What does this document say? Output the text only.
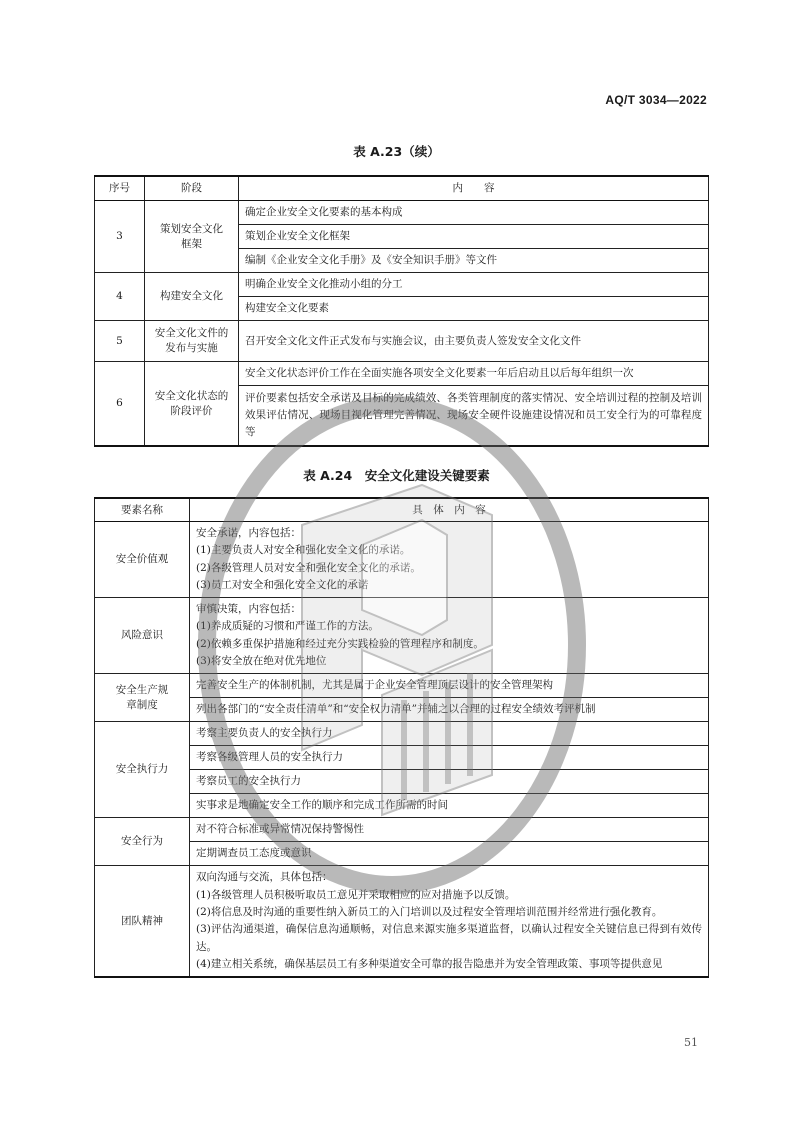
AQ/T 3034—2022
表 A.23（续）
序号	阶段	内　　容
3	策划安全文化框架	确定企业安全文化要素的基本构成
		策划企业安全文化框架
		编制《企业安全文化手册》及《安全知识手册》等文件
4	构建安全文化	明确企业安全文化推动小组的分工
		构建安全文化要素
5	安全文化文件的发布与实施	召开安全文化文件正式发布与实施会议，由主要负责人签发安全文化文件
6	安全文化状态的阶段评价	安全文化状态评价工作在全面实施各项安全文化要素一年后启动且以后每年组织一次
		评价要素包括安全承诺及目标的完成绩效、各类管理制度的落实情况、安全培训过程的控制及培训效果评估情况、现场目视化管理完善情况、现场安全硬件设施建设情况和员工安全行为的可靠程度等
表 A.24　安全文化建设关键要素
要素名称	具　体　内　容
安全价值观	安全承诺，内容包括：
(1)主要负责人对安全和强化安全文化的承诺。
(2)各级管理人员对安全和强化安全文化的承诺。
(3)员工对安全和强化安全文化的承诺

风险意识	审慎决策，内容包括：
(1)养成质疑的习惯和严谨工作的方法。
(2)依赖多重保护措施和经过充分实践检验的管理程序和制度。
(3)将安全放在绝对优先地位

安全生产规章制度	完善安全生产的体制机制，尤其是属于企业安全管理顶层设计的安全管理架构
	列出各部门的“安全责任清单”和“安全权力清单”并辅之以合理的过程安全绩效考评机制
安全执行力	考察主要负责人的安全执行力
	考察各级管理人员的安全执行力
	考察员工的安全执行力
	实事求是地确定安全工作的顺序和完成工作所需的时间
安全行为	对不符合标准或异常情况保持警惕性
	定期调查员工态度或意识
团队精神	双向沟通与交流，具体包括：
(1)各级管理人员积极听取员工意见并采取相应的应对措施予以反馈。
(2)将信息及时沟通的重要性纳入新员工的入门培训以及过程安全管理培训范围并经常进行强化教育。
(3)评估沟通渠道，确保信息沟通顺畅，对信息来源实施多渠道监督，以确认过程安全关键信息已得到有效传达。
(4)建立相关系统，确保基层员工有多种渠道安全可靠的报告隐患并为安全管理政策、事项等提供意见
51
